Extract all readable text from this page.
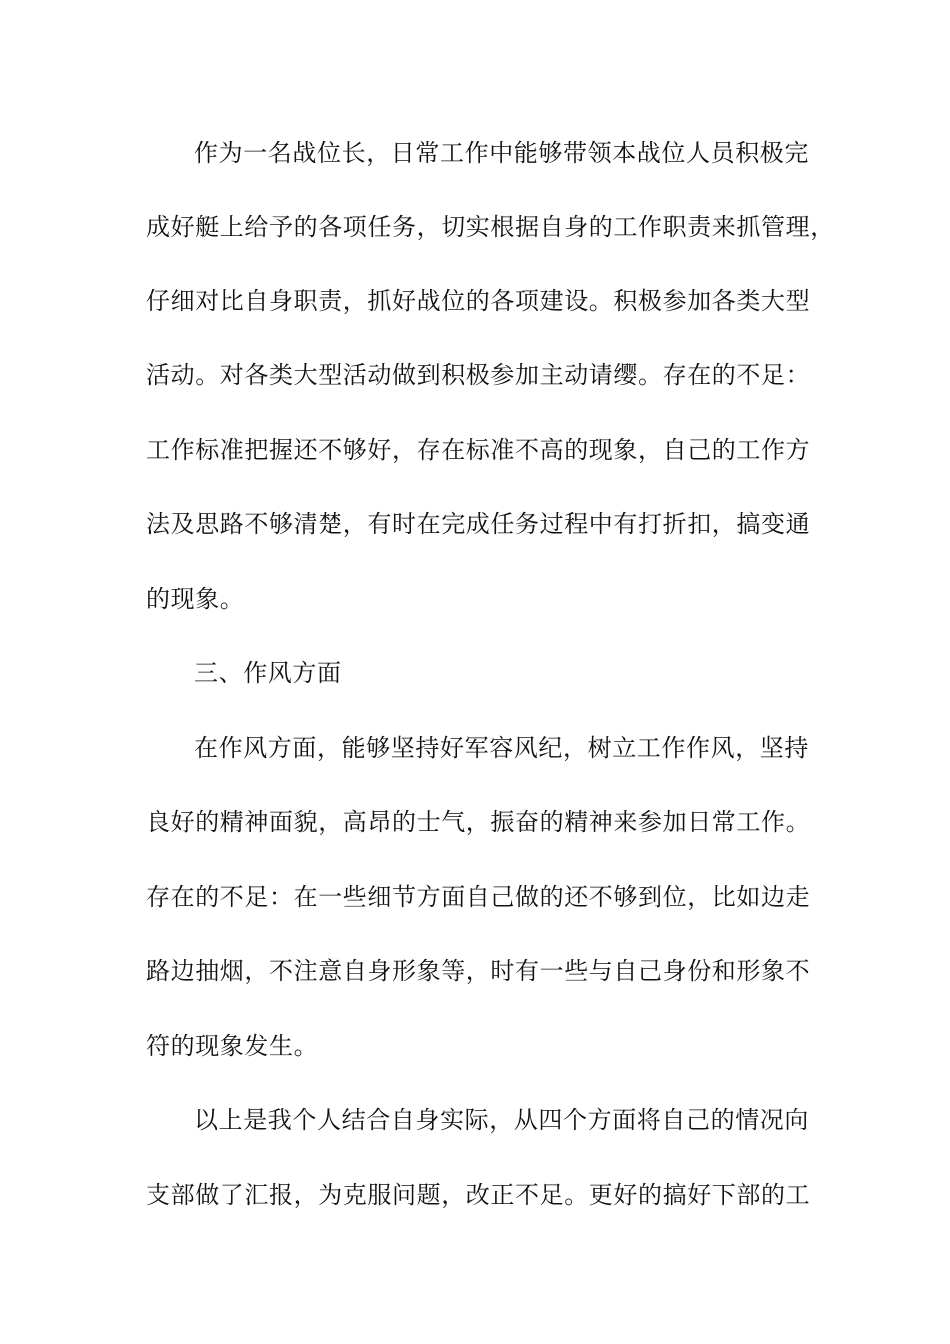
作为一名战位长，日常工作中能够带领本战位人员积极完
成好艇上给予的各项任务，切实根据自身的工作职责来抓管理，
仔细对比自身职责，抓好战位的各项建设。积极参加各类大型
活动。对各类大型活动做到积极参加主动请缨。存在的不足：
工作标准把握还不够好，存在标准不高的现象，自己的工作方
法及思路不够清楚，有时在完成任务过程中有打折扣，搞变通
的现象。
三、作风方面
在作风方面，能够坚持好军容风纪，树立工作作风，坚持
良好的精神面貌，高昂的士气，振奋的精神来参加日常工作。
存在的不足：在一些细节方面自己做的还不够到位，比如边走
路边抽烟，不注意自身形象等，时有一些与自己身份和形象不
符的现象发生。
以上是我个人结合自身实际，从四个方面将自己的情况向
支部做了汇报，为克服问题，改正不足。更好的搞好下部的工
